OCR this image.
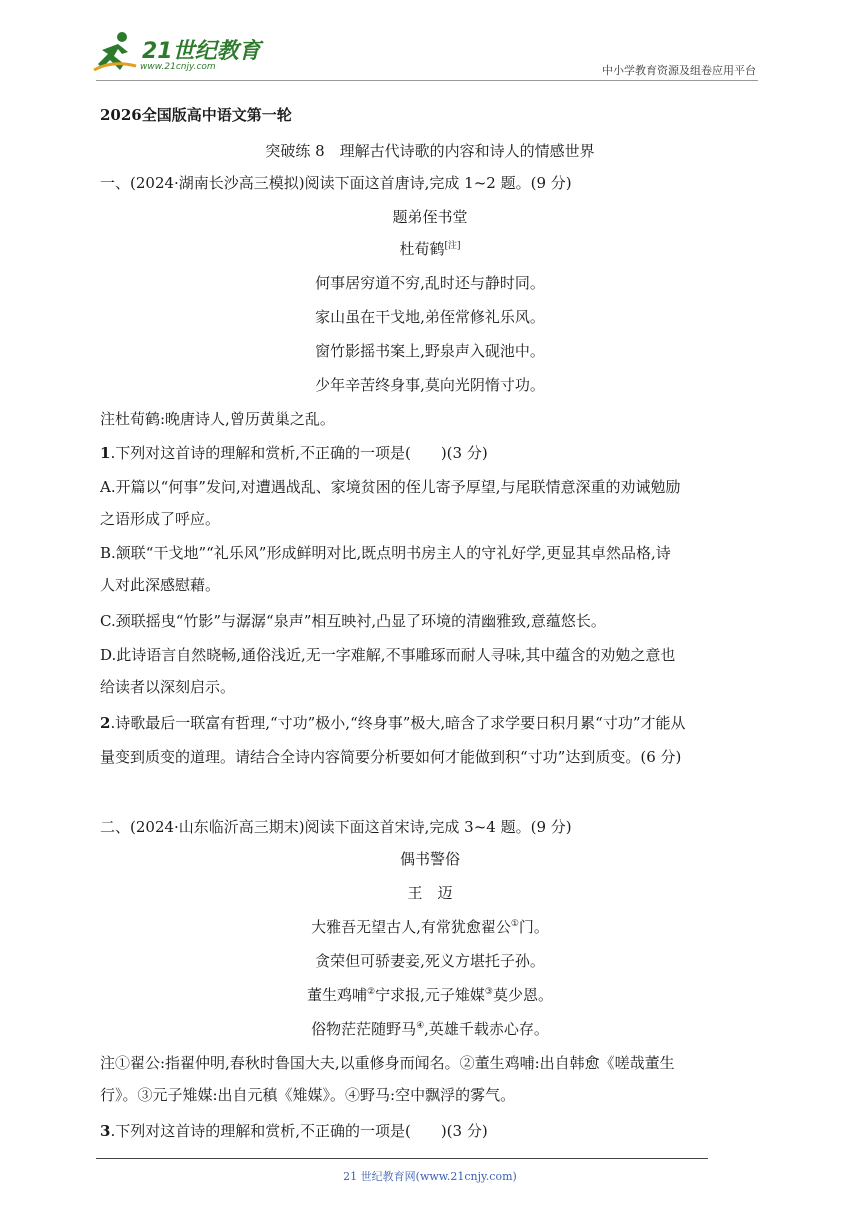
21世纪教育
www.21cnjy.com	中小学教育资源及组卷应用平台
2026全国版高中语文第一轮
突破练 8　理解古代诗歌的内容和诗人的情感世界
一、(2024·湖南长沙高三模拟)阅读下面这首唐诗,完成 1~2 题。(9 分)
题弟侄书堂
杜荀鹤[注]
何事居穷道不穷,乱时还与静时同。
家山虽在干戈地,弟侄常修礼乐风。
窗竹影摇书案上,野泉声入砚池中。
少年辛苦终身事,莫向光阴惰寸功。
注杜荀鹤:晚唐诗人,曾历黄巢之乱。
1.下列对这首诗的理解和赏析,不正确的一项是(　　)(3 分)
A.开篇以“何事”发问,对遭遇战乱、家境贫困的侄儿寄予厚望,与尾联情意深重的劝诫勉励
之语形成了呼应。
B.颔联“干戈地”“礼乐风”形成鲜明对比,既点明书房主人的守礼好学,更显其卓然品格,诗
人对此深感慰藉。
C.颈联摇曳“竹影”与潺潺“泉声”相互映衬,凸显了环境的清幽雅致,意蕴悠长。
D.此诗语言自然晓畅,通俗浅近,无一字难解,不事雕琢而耐人寻味,其中蕴含的劝勉之意也
给读者以深刻启示。
2.诗歌最后一联富有哲理,“寸功”极小,“终身事”极大,暗含了求学要日积月累“寸功”才能从
量变到质变的道理。请结合全诗内容简要分析要如何才能做到积“寸功”达到质变。(6 分)
二、(2024·山东临沂高三期末)阅读下面这首宋诗,完成 3~4 题。(9 分)
偶书警俗
王　迈
大雅吾无望古人,有常犹愈翟公①门。
贪荣但可骄妻妾,死义方堪托子孙。
董生鸡哺②宁求报,元子雉媒③莫少恩。
俗物茫茫随野马④,英雄千载赤心存。
注①翟公:指翟仲明,春秋时鲁国大夫,以重修身而闻名。②董生鸡哺:出自韩愈《嗟哉董生
行》。③元子雉媒:出自元稹《雉媒》。④野马:空中飘浮的雾气。
3.下列对这首诗的理解和赏析,不正确的一项是(　　)(3 分)
21 世纪教育网(www.21cnjy.com)
